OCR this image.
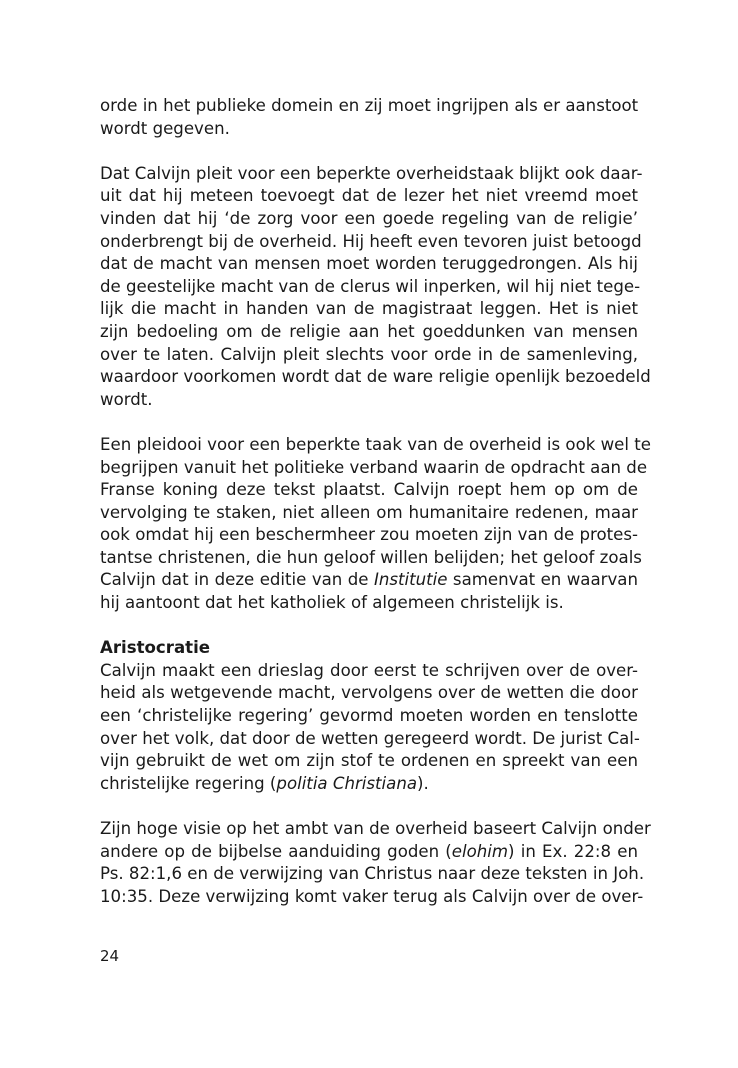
orde in het publieke domein en zij moet ingrijpen als er aanstoot
wordt gegeven.
Dat Calvijn pleit voor een beperkte overheidstaak blijkt ook daar-
uit dat hij meteen toevoegt dat de lezer het niet vreemd moet
vinden dat hij ‘de zorg voor een goede regeling van de religie’
onderbrengt bij de overheid. Hij heeft even tevoren juist betoogd
dat de macht van mensen moet worden teruggedrongen. Als hij
de geestelijke macht van de clerus wil inperken, wil hij niet tege-
lijk die macht in handen van de magistraat leggen. Het is niet
zijn bedoeling om de religie aan het goeddunken van mensen
over te laten. Calvijn pleit slechts voor orde in de samenleving,
waardoor voorkomen wordt dat de ware religie openlijk bezoedeld
wordt.
Een pleidooi voor een beperkte taak van de overheid is ook wel te
begrijpen vanuit het politieke verband waarin de opdracht aan de
Franse koning deze tekst plaatst. Calvijn roept hem op om de
vervolging te staken, niet alleen om humanitaire redenen, maar
ook omdat hij een beschermheer zou moeten zijn van de protes-
tantse christenen, die hun geloof willen belijden; het geloof zoals
Calvijn dat in deze editie van de Institutie samenvat en waarvan
hij aantoont dat het katholiek of algemeen christelijk is.
Aristocratie
Calvijn maakt een drieslag door eerst te schrijven over de over-
heid als wetgevende macht, vervolgens over de wetten die door
een ‘christelijke regering’ gevormd moeten worden en tenslotte
over het volk, dat door de wetten geregeerd wordt. De jurist Cal-
vijn gebruikt de wet om zijn stof te ordenen en spreekt van een
christelijke regering (politia Christiana).
Zijn hoge visie op het ambt van de overheid baseert Calvijn onder
andere op de bijbelse aanduiding goden (elohim) in Ex. 22:8 en
Ps. 82:1,6 en de verwijzing van Christus naar deze teksten in Joh.
10:35. Deze verwijzing komt vaker terug als Calvijn over de over-
24
